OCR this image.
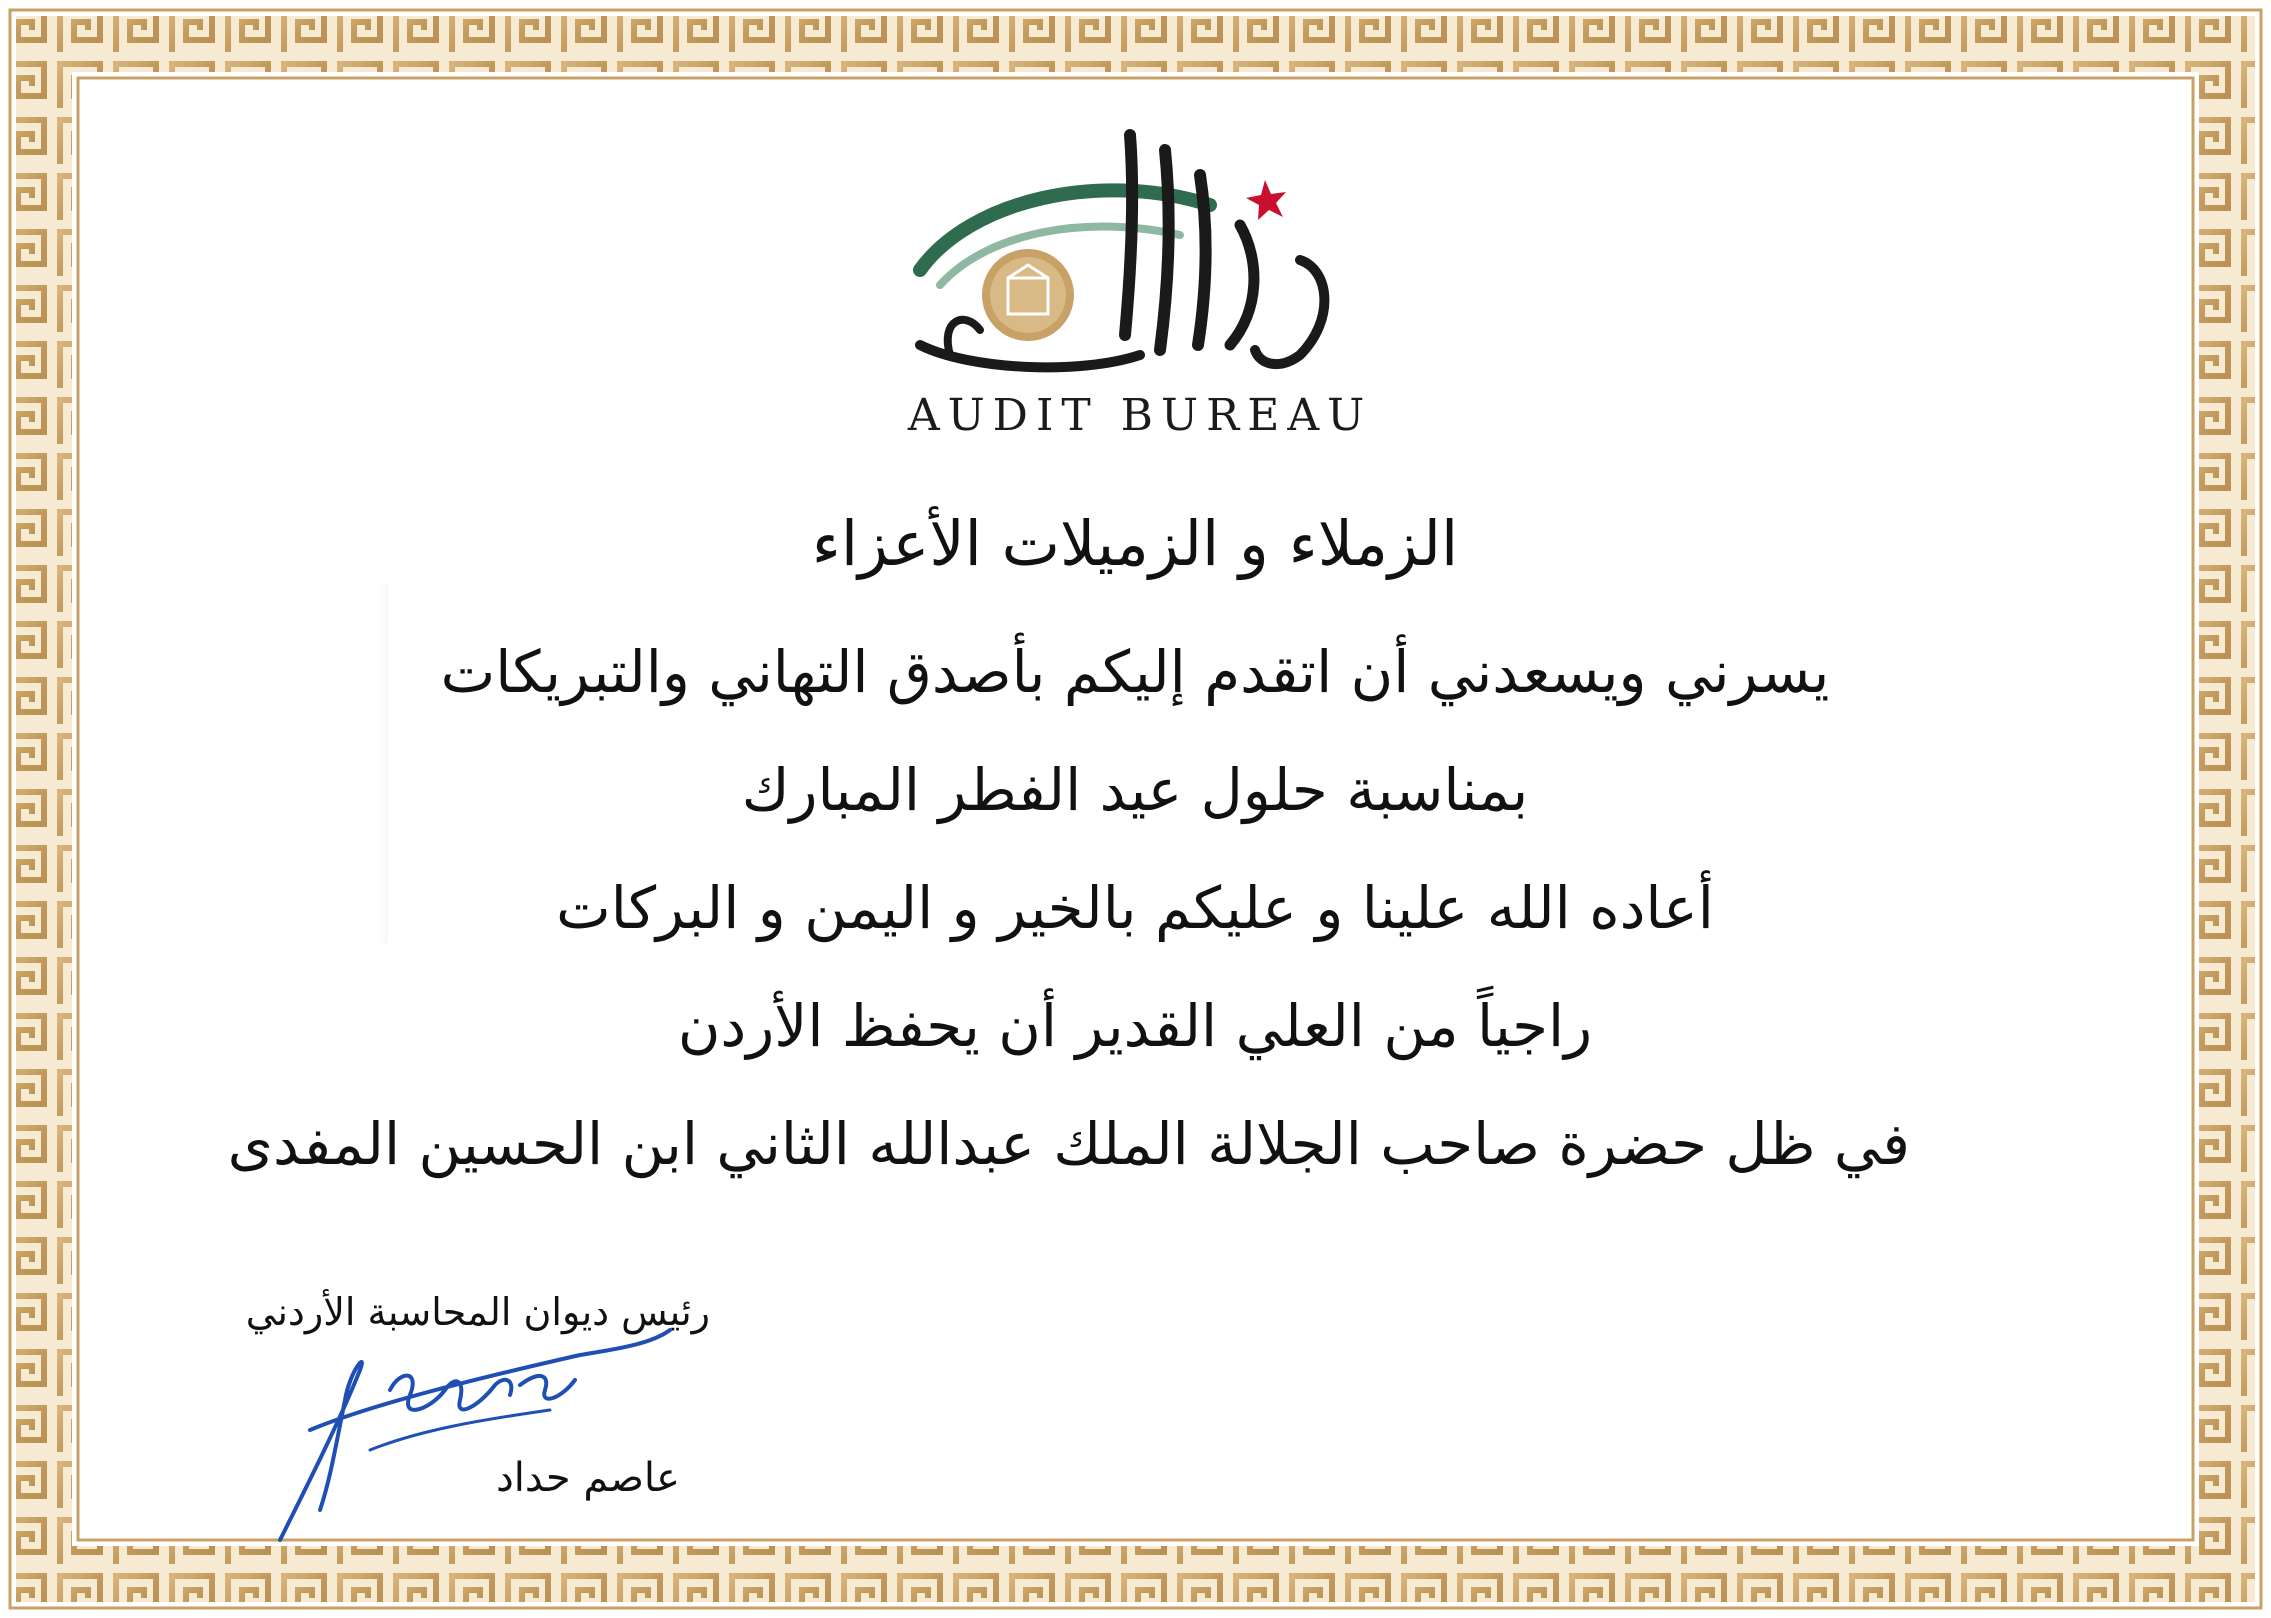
AUDIT BUREAU
الزملاء و الزميلات الأعزاء
يسرني ويسعدني أن اتقدم إليكم بأصدق التهاني والتبريكات
بمناسبة حلول عيد الفطر المبارك
أعاده الله علينا و عليكم بالخير و اليمن و البركات
راجياً من العلي القدير أن يحفظ الأردن
في ظل حضرة صاحب الجلالة الملك عبدالله الثاني ابن الحسين المفدى
رئيس ديوان المحاسبة الأردني
عاصم حداد
